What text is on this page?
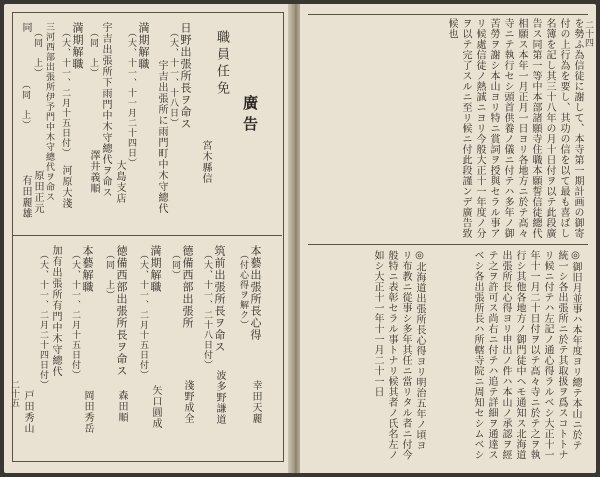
廣告
職員任免
宮木縣信
日野出張所長ヲ命ス
（大、十一、十八日）
宇吉出張所に雨門町中木守總代
満期解職
（大、十一、十一月二十四日）
大島支店
宇吉出張所下雨門中木守總代ヲ命ス
（同　上）
澤井義順
満期解職
（大、十一、二月十五日付）
河原大淺
三河西部出張所伊予門中木守總代ヲ命ス
（同　上）
原田正元
同
（同　上）
有田麗雄
本藝出張所長心得
（付心得ヲ解ク）
幸田天麗
筑前出張所長ヲ命ス
（大、十一、二十八日付）
波多野謙道
德備西部出張所
（同）
淺野成全
満期解職
（大、十一、二月十五日付）
矢口圓成
徳備西部出張所長ヲ命ス
（同　上）
森田順
本藝解職
（大、十一、二月十五日付）
岡田秀岳
加有出張所有門中木守總代
（大、十一、二月二十四日付）
戸田秀山
二十五
を勢ふ為信徒に謝して、本寺第一期計画の御寄付の上行為を要し、其功の信を以て最も喜ばし名簿を記し其三十八年の月十日付ヲ以テ此段廣告ス同第一等中本部諸願寺住職本願誓信徒總代相願ス本年一月正月一日ヨリ各地方ニ於テ高々寺ニテ執行セシ頭首供養ノ儀ニ付テハ多年ノ御苦勞ヲ謝シ本山ヨリ特ニ賞詞ヲ授與セラル事アリ候處信徒ノ熱誠ニヨリ今般大正十一年度ノ分ヲ以テ完了スルニ至リ候ニ付此段謹ンデ廣告致候也
◎御旧月並事ハ本年度ヨリ總テ本山ニ於テ統一シ各出張所ニ於テ其取扱ヲ爲スコトトナリ候ニ付テハ左記ノ通心得ラルベシ大正十一年十一月二十日付ヲ以テ高々寺ニ於テ之ヲ執行シ其他各地方ノ御門徒中ヘモ通知ス北海道出張所長心得ヨリ申出ノ件ハ本山ノ承認ヲ經テ之ヲ許可ス尚右ニ付テハ追テ詳細ヲ通達スベシ各出張所長ハ所轄寺院ニ周知セシムベシ
◎北海道出張所長心得ヨリ明治五年ノ頃ヨリ布教ニ從事シ多年其任ニ當リタル者ニ付今般特ニ表彰セラル事トナリ候其者ノ氏名左ノ如シ大正十一年十一月二十一日
二十四
